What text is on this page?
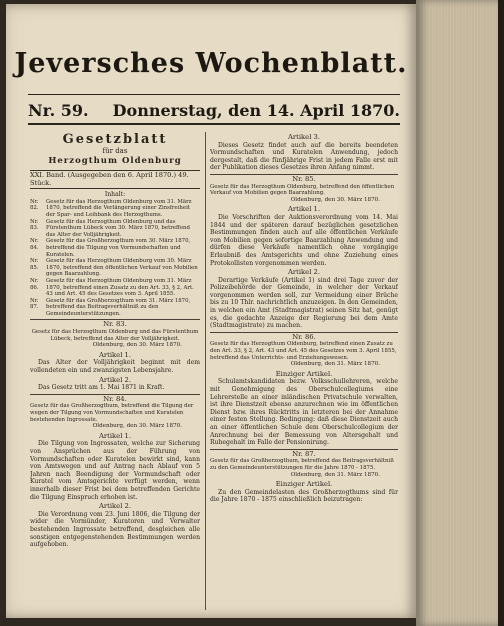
Jeversches Wochenblatt.
Nr. 59. Donnerstag, den 14. April 1870.
Gesetzblatt
für das
Herzogthum Oldenburg
XXI. Band. (Ausgegeben den 6. April 1870.) 49. Stück.
Inhalt:
Nr. 82.
Gesetz für das Herzogthum Oldenburg vom 31. März 1870, betreffend die Verlängerung einer Zinsfreiheit der Spar- und Leihbank des Herzogthums.
Nr. 83.
Gesetz für das Herzogthum Oldenburg und das Fürstenthum Lübeck vom 30. März 1870, betreffend das Alter der Volljährigkeit.
Nr. 84.
Gesetz für das Großherzogthum vom 30. März 1870, betreffend die Tilgung von Vormundschaften und Kuratelen.
Nr. 85.
Gesetz für das Herzogthum Oldenburg vom 30. März 1870, betreffend den öffentlichen Verkauf von Mobilien gegen Baarzahlung.
Nr. 86.
Gesetz für das Herzogthum Oldenburg vom 31. März 1870, betreffend einen Zusatz zu den Art. 33, § 2, Art. 43 und Art. 45 des Gesetzes vom 3. April 1855.
Nr. 87.
Gesetz für das Großherzogthum vom 31. März 1870, betreffend das Beitragsverhältniß zu den Gemeindeunterstützungen.
Nr. 83.
Gesetz für das Herzogthum Oldenburg und das Fürstenthum Lübeck, betreffend das Alter der Volljährigkeit.
Oldenburg, den 30. März 1870.
Artikel 1.

Das Alter der Volljährigkeit beginnt mit dem vollendeten ein und zwanzigsten Lebensjahre.

Artikel 2.

Das Gesetz tritt am 1. Mai 1871 in Kraft.

Nr. 84.
Gesetz für das Großherzogthum, betreffend die Tilgung der wegen der Tilgung von Vormundschaften und Kuratelen bestehenden Ingrossate.
Oldenburg, den 30. März 1870.
Artikel 1.

Die Tilgung von Ingrossaten, welche zur Sicherung von Ansprüchen aus der Führung von Vormundschaften oder Kuratelen bewirkt sind, kann von Amtswegen und auf Antrag nach Ablauf von 5 Jahren nach Beendigung der Vormundschaft oder Kuratel vom Amtsgerichte verfügt werden, wenn innerhalb dieser Frist bei dem betreffenden Gerichte die Tilgung Einspruch erhoben ist.

Artikel 2.

Die Verordnung vom 23. Juni 1806, die Tilgung der wider die Vormünder, Kuratoren und Verwalter bestehenden Ingrossate betreffend, desgleichen alle sonstigen entgegenstehenden Bestimmungen werden aufgehoben.

Artikel 3.

Dieses Gesetz findet auch auf die bereits beendeten Vormundschaften und Kuratelen Anwendung, jedoch dergestalt, daß die fünfjährige Frist in jedem Falle erst mit der Publikation dieses Gesetzes ihren Anfang nimmt.

Nr. 85.
Gesetz für das Herzogthum Oldenburg, betreffend den öffentlichen Verkauf von Mobilien gegen Baarzahlung.
Oldenburg, den 30. März 1870.
Artikel 1.

Die Vorschriften der Auktionsverordnung vom 14. Mai 1844 und der späteren darauf bezüglichen gesetzlichen Bestimmungen finden auch auf alle öffentlichen Verkäufe von Mobilien gegen sofortige Baarzahlung Anwendung und dürfen diese Verkäufe namentlich ohne vorgängige Erlaubniß des Amtsgerichts und ohne Zuziehung eines Protokollisten vorgenommen werden.

Artikel 2.

Derartige Verkäufe (Artikel 1) sind drei Tage zuvor der Polizeibehörde der Gemeinde, in welcher der Verkauf vorgenommen werden soll, zur Vermeidung einer Brüche bis zu 10 Thlr. nachrichtlich anzuzeigen. In den Gemeinden, in welchen ein Amt (Stadtmagistrat) seinen Sitz hat, genügt es, die gedachte Anzeige der Regierung bei dem Amte (Stadtmagistrate) zu machen.

Nr. 86.
Gesetz für das Herzogthum Oldenburg, betreffend einen Zusatz zu den Art. 33, § 2, Art. 43 und Art. 45 des Gesetzes vom 3. April 1855, betreffend das Unterrichts- und Erziehungswesen.
Oldenburg, den 31. März 1870.
Einziger Artikel.

Schulamtskandidaten bezw. Volksschullehreren, welche mit Genehmigung des Oberschulcollegiums eine Lehrerstelle an einer inländischen Privatschule verwalten, ist ihre Dienstzeit ebenso anzurechnen wie im öffentlichen Dienst bzw. ihres Rücktritts in letzteren bei der Annahme einer festen Stellung. Bedingung: daß diese Dienstzeit auch an einer öffentlichen Schule dem Oberschulcollegium der Anrechnung bei der Bemessung von Altersgehalt und Ruhegehalt im Falle der Pensionirung.

Nr. 87.
Gesetz für das Großherzogthum, betreffend das Beitragsverhältniß zu den Gemeindeunterstützungen für die Jahre 1870 - 1875.
Oldenburg, den 31. März 1870.
Einziger Artikel.

Zu den Gemeindelasten des Großherzogthums sind für die Jahre 1870 - 1875 einschließlich beizutragen:
